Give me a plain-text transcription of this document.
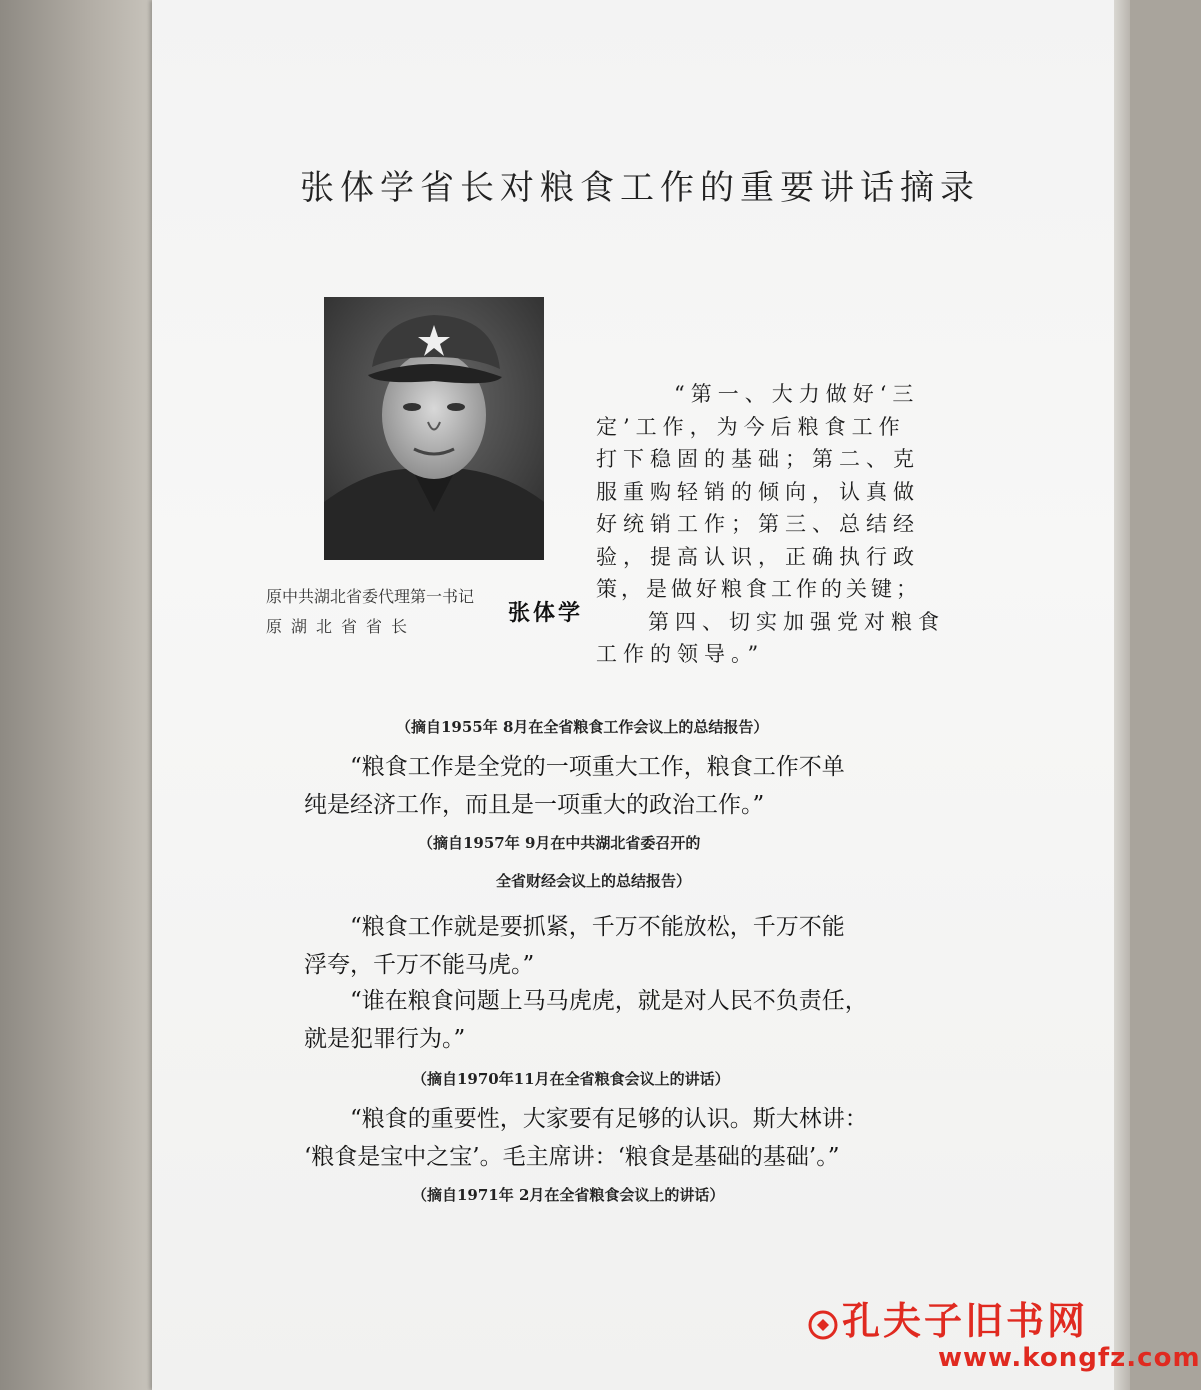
张体学省长对粮食工作的重要讲话摘录
原中共湖北省委代理第一书记
原湖北省省长
张体学
“第一、大力做好‘三
定’工作，为今后粮食工作
打下稳固的基础；第二、克
服重购轻销的倾向，认真做
好统销工作；第三、总结经
验，提高认识，正确执行政
策，是做好粮食工作的关键；
第四、切实加强党对粮食
工作的领导。”
（摘自1955年 8月在全省粮食工作会议上的总结报告）
“粮食工作是全党的一项重大工作，粮食工作不单
纯是经济工作，而且是一项重大的政治工作。”
（摘自1957年 9月在中共湖北省委召开的
全省财经会议上的总结报告）
“粮食工作就是要抓紧，千万不能放松，千万不能
浮夸，千万不能马虎。”
“谁在粮食问题上马马虎虎，就是对人民不负责任，
就是犯罪行为。”
（摘自1970年11月在全省粮食会议上的讲话）
“粮食的重要性，大家要有足够的认识。斯大林讲：
‘粮食是宝中之宝’。毛主席讲：‘粮食是基础的基础’。”
（摘自1971年 2月在全省粮食会议上的讲话）
孔夫子旧书网
www.kongfz.com
